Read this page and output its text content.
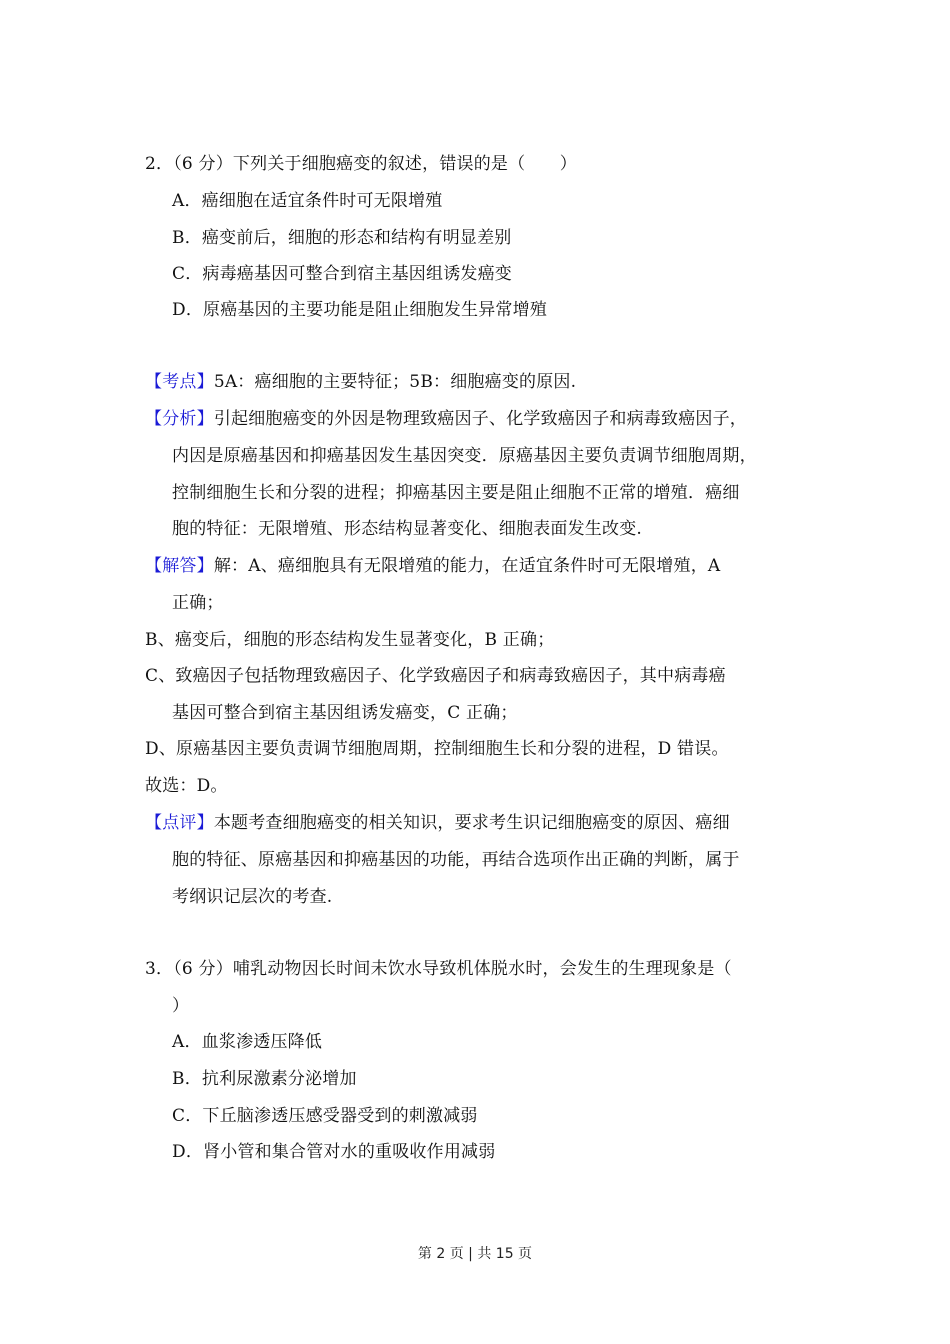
2．（6 分）下列关于细胞癌变的叙述，错误的是（　　）
A．癌细胞在适宜条件时可无限增殖
B．癌变前后，细胞的形态和结构有明显差别
C．病毒癌基因可整合到宿主基因组诱发癌变
D．原癌基因的主要功能是阻止细胞发生异常增殖
【考点】5A：癌细胞的主要特征；5B：细胞癌变的原因.
【分析】引起细胞癌变的外因是物理致癌因子、化学致癌因子和病毒致癌因子，
内因是原癌基因和抑癌基因发生基因突变．原癌基因主要负责调节细胞周期，
控制细胞生长和分裂的进程；抑癌基因主要是阻止细胞不正常的增殖．癌细
胞的特征：无限增殖、形态结构显著变化、细胞表面发生改变.
【解答】解：A、癌细胞具有无限增殖的能力，在适宜条件时可无限增殖，A
正确；
B、癌变后，细胞的形态结构发生显著变化，B 正确；
C、致癌因子包括物理致癌因子、化学致癌因子和病毒致癌因子，其中病毒癌
基因可整合到宿主基因组诱发癌变，C 正确；
D、原癌基因主要负责调节细胞周期，控制细胞生长和分裂的进程，D 错误。
故选：D。
【点评】本题考查细胞癌变的相关知识，要求考生识记细胞癌变的原因、癌细
胞的特征、原癌基因和抑癌基因的功能，再结合选项作出正确的判断，属于
考纲识记层次的考查.
3．（6 分）哺乳动物因长时间未饮水导致机体脱水时，会发生的生理现象是（
）
A．血浆渗透压降低
B．抗利尿激素分泌增加
C．下丘脑渗透压感受器受到的刺激减弱
D．肾小管和集合管对水的重吸收作用减弱
第 2 页 | 共 15 页
